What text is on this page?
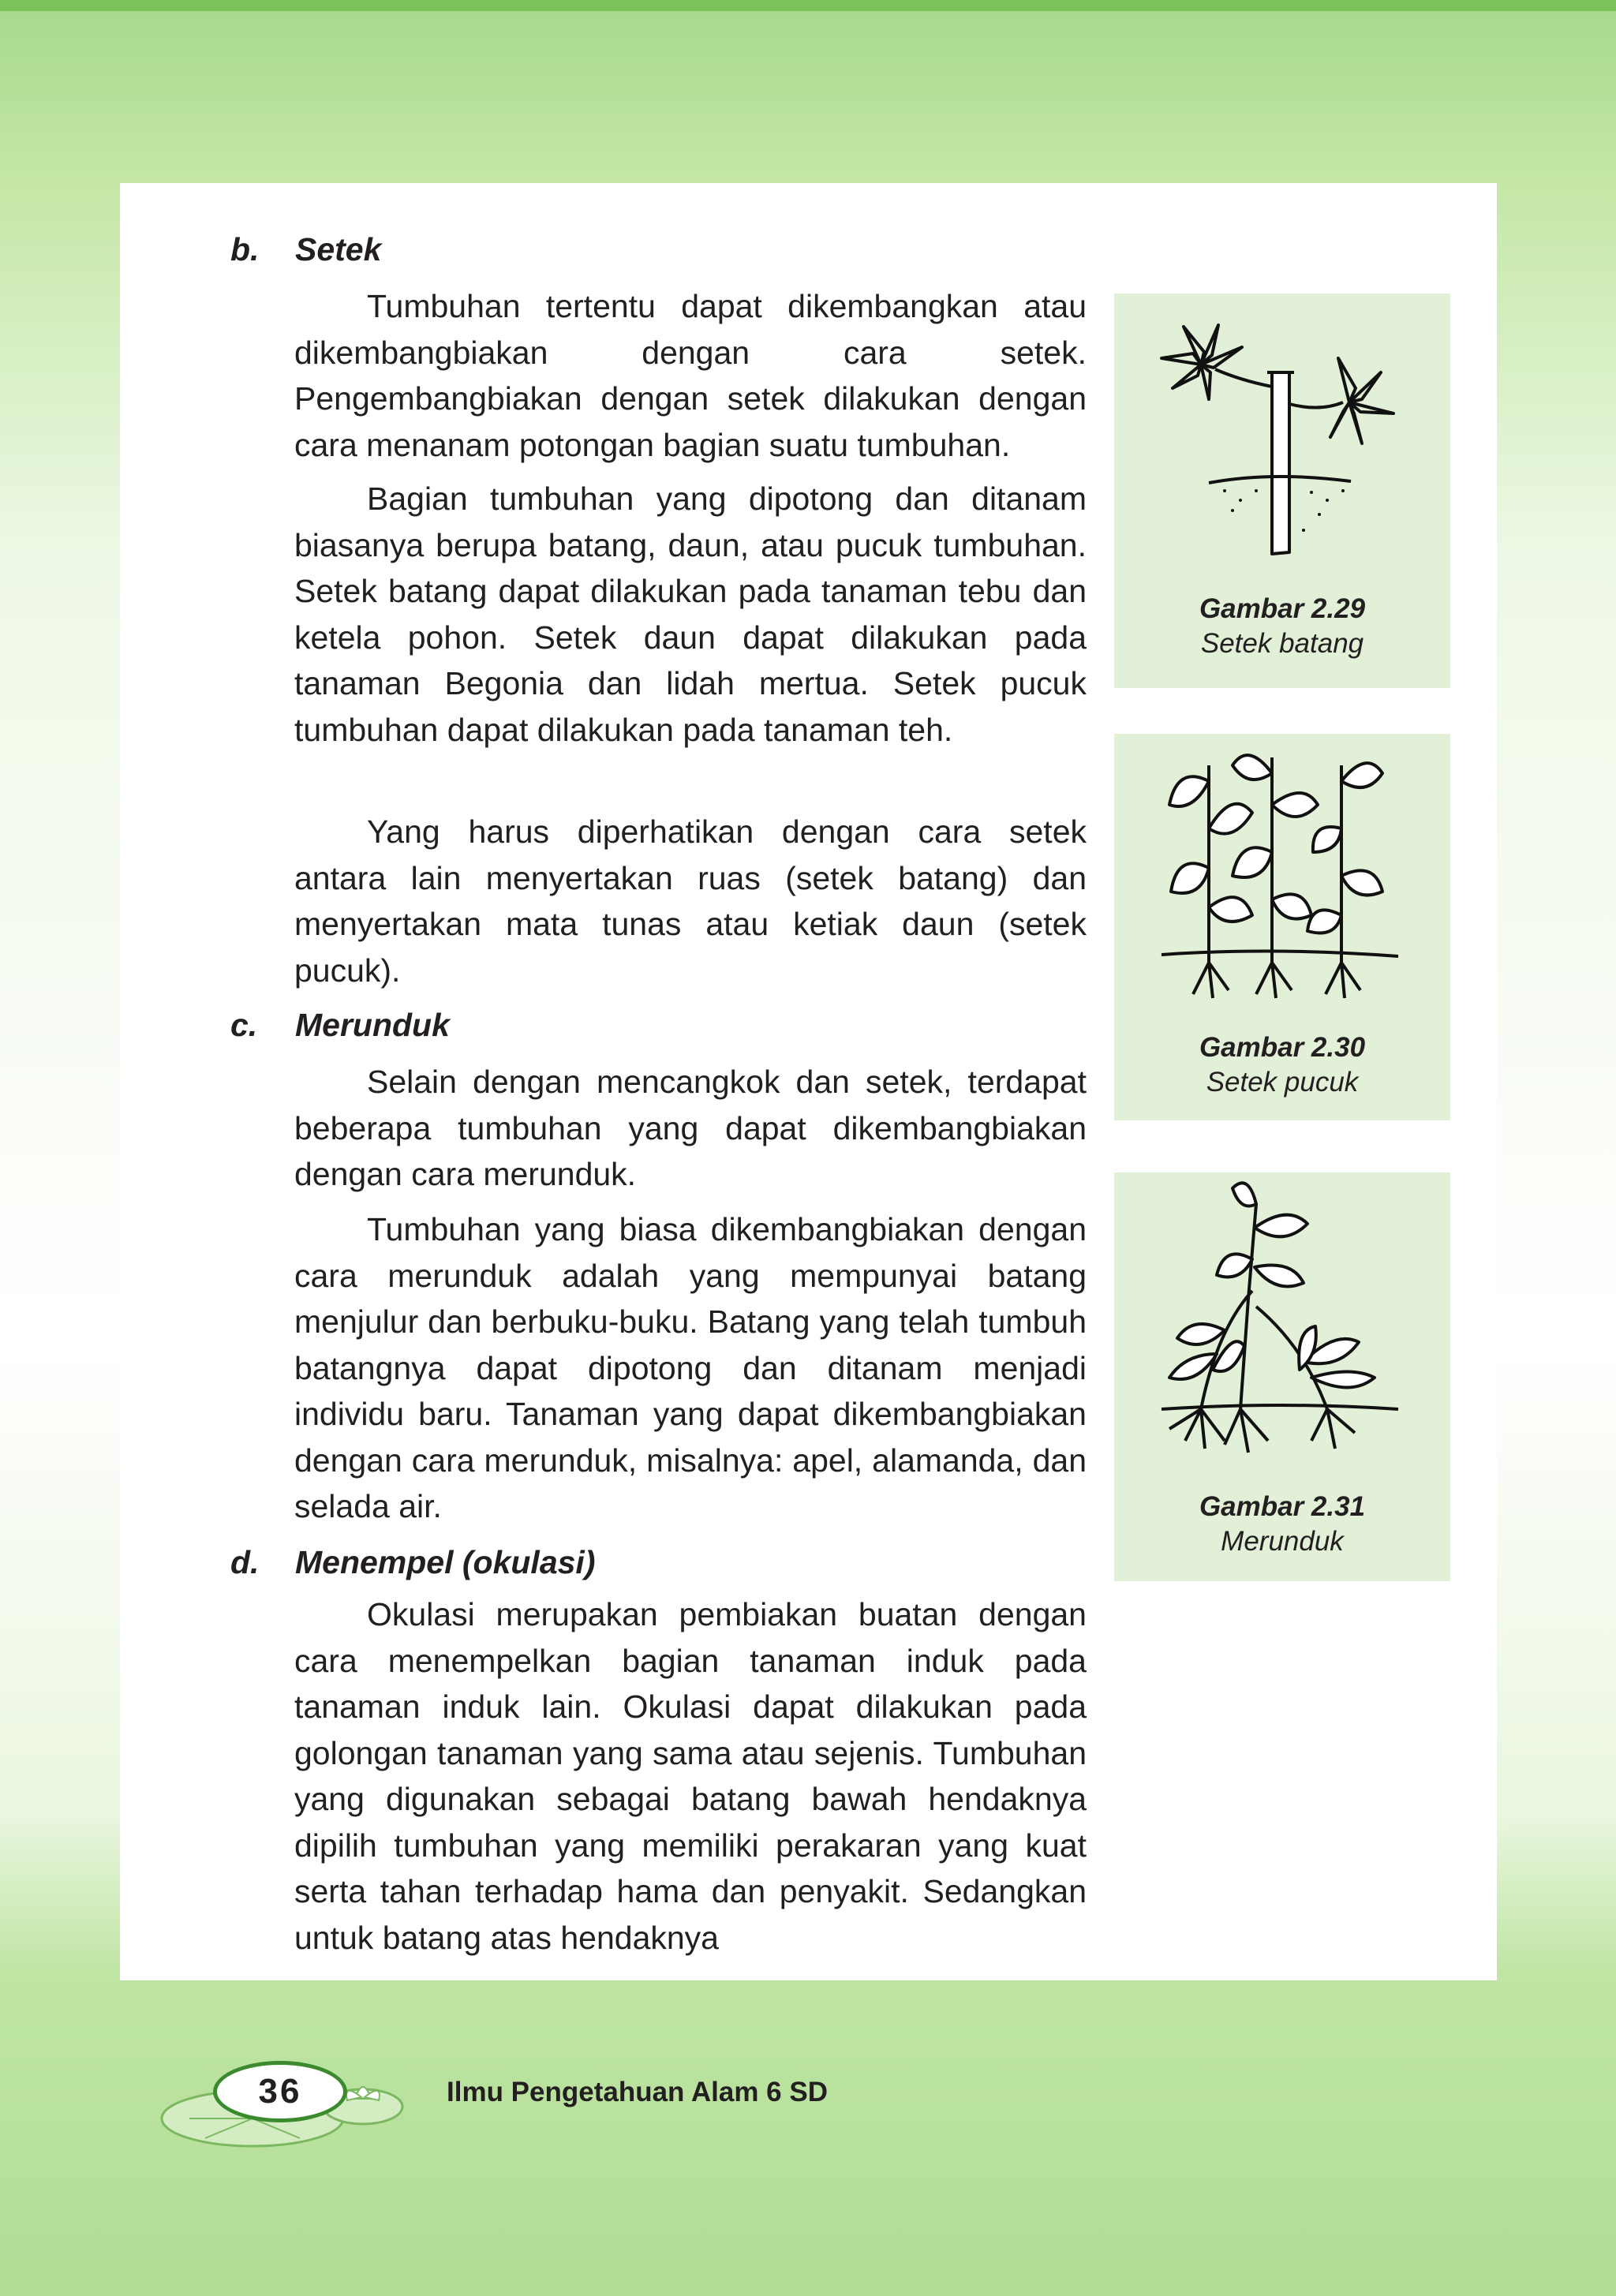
b. Setek

Tumbuhan tertentu dapat dikembangkan atau dikembangbiakan dengan cara setek. Pengembangbiakan dengan setek dilakukan dengan cara menanam potongan bagian suatu tumbuhan.

Bagian tumbuhan yang dipotong dan ditanam biasanya berupa batang, daun, atau pucuk tumbuhan. Setek batang dapat dilakukan pada tanaman tebu dan ketela pohon. Setek daun dapat dilakukan pada tanaman Begonia dan lidah mertua. Setek pucuk tumbuhan dapat dilakukan pada tanaman teh.

Yang harus diperhatikan dengan cara setek antara lain menyertakan ruas (setek batang) dan menyertakan mata tunas atau ketiak daun (setek pucuk).

c. Merunduk

Selain dengan mencangkok dan setek, terdapat beberapa tumbuhan yang dapat dikembangbiakan dengan cara merunduk.

Tumbuhan yang biasa dikembangbiakan dengan cara merunduk adalah yang mempunyai batang menjulur dan berbuku-buku. Batang yang telah tumbuh batangnya dapat dipotong dan ditanam menjadi individu baru. Tanaman yang dapat dikembangbiakan dengan cara merunduk, misalnya: apel, alamanda, dan selada air.

d. Menempel (okulasi)

Okulasi merupakan pembiakan buatan dengan cara menempelkan bagian tanaman induk pada tanaman induk lain. Okulasi dapat dilakukan pada golongan tanaman yang sama atau sejenis. Tumbuhan yang digunakan sebagai batang bawah hendaknya dipilih tumbuhan yang memiliki perakaran yang kuat serta tahan terhadap hama dan penyakit. Sedangkan untuk batang atas hendaknya

Gambar 2.29
Setek batang
Gambar 2.30
Setek pucuk
Gambar 2.31
Merunduk
36	Ilmu Pengetahuan Alam 6 SD
